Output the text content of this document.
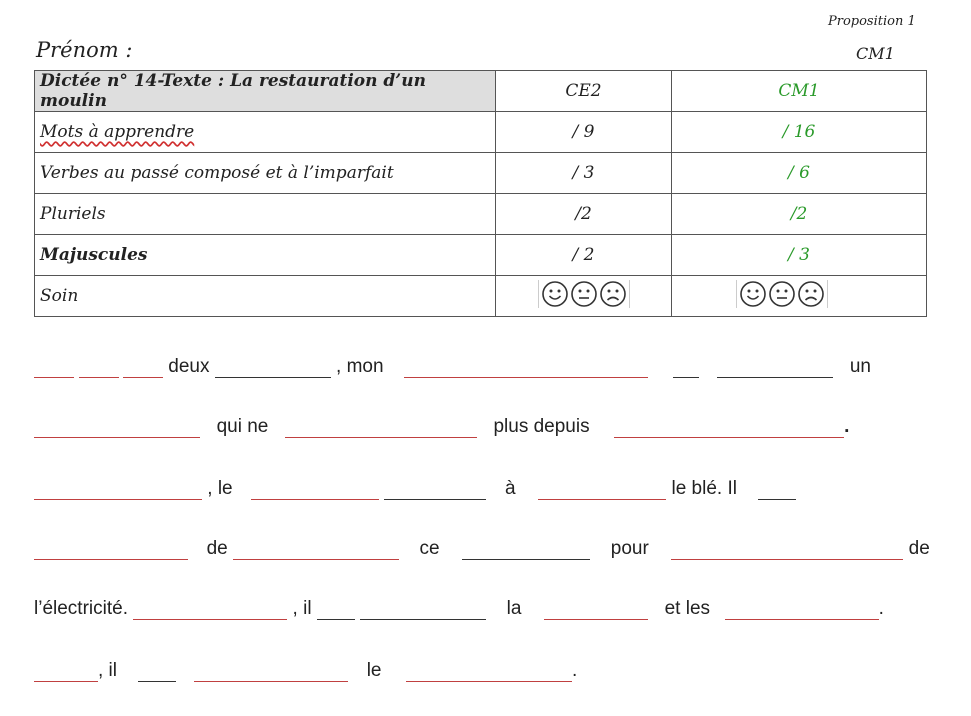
Proposition 1
CM1
Prénom :
Dictée n° 14-Texte : La restauration d’un moulin	CE2	CM1
Mots à apprendre	/ 9	/ 16
Verbes au passé composé et à l’imparfait	/ 3	/ 6
Pluriels	/2	/2
Majuscules	/ 2	/ 3
Soin	

deux	, mon	un
qui ne	plus depuis	.
, le	à	le blé. Il
de	ce	pour	de
l’électricité.	, il	la	et les	.
, il	le	.
